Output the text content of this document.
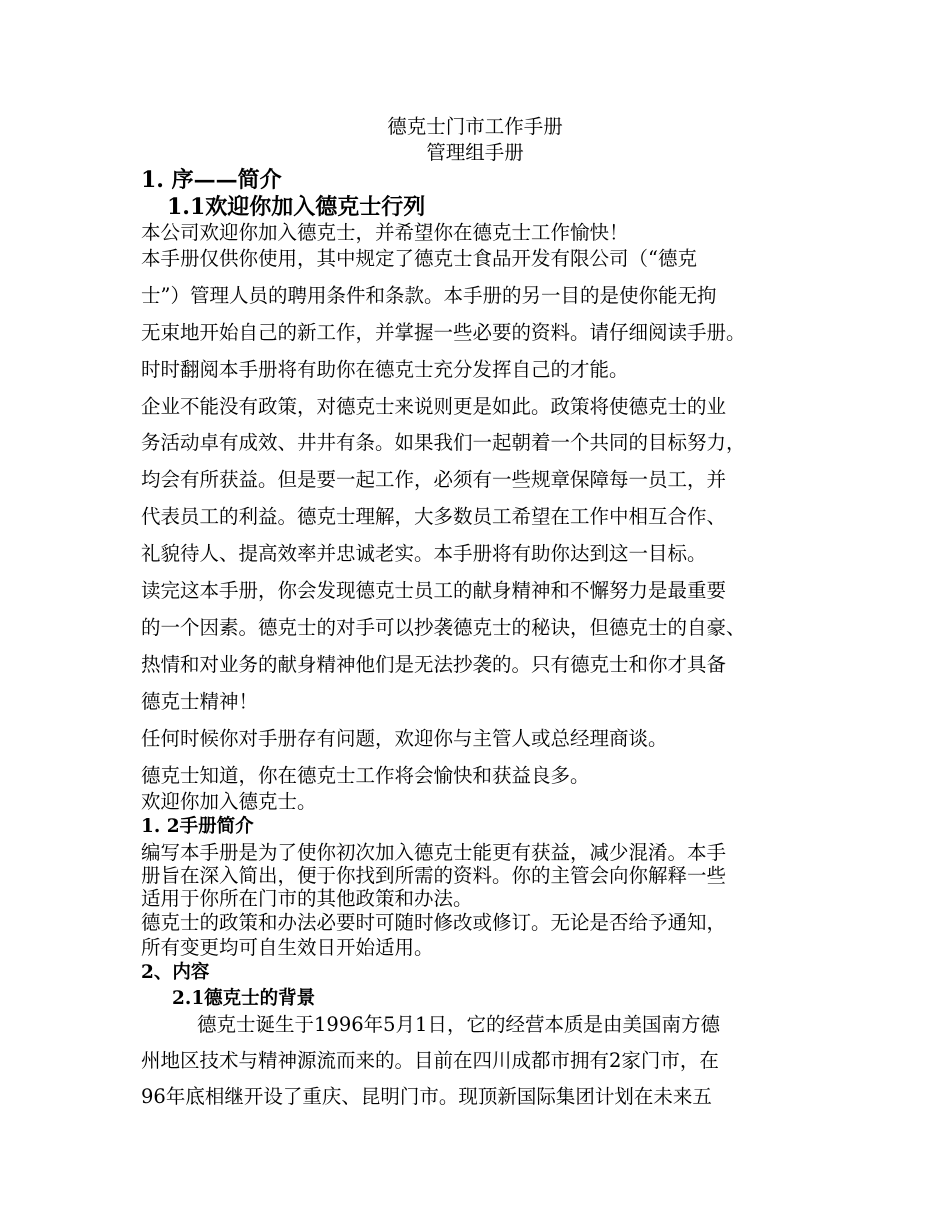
德克士门市工作手册
管理组手册
1. 序——简介
1.1欢迎你加入德克士行列
本公司欢迎你加入德克士，并希望你在德克士工作愉快！
本手册仅供你使用，其中规定了德克士食品开发有限公司（“德克
士”）管理人员的聘用条件和条款。本手册的另一目的是使你能无拘
无束地开始自己的新工作，并掌握一些必要的资料。请仔细阅读手册。
时时翻阅本手册将有助你在德克士充分发挥自己的才能。
企业不能没有政策，对德克士来说则更是如此。政策将使德克士的业
务活动卓有成效、井井有条。如果我们一起朝着一个共同的目标努力，
均会有所获益。但是要一起工作，必须有一些规章保障每一员工，并
代表员工的利益。德克士理解，大多数员工希望在工作中相互合作、
礼貌待人、提高效率并忠诚老实。本手册将有助你达到这一目标。
读完这本手册，你会发现德克士员工的献身精神和不懈努力是最重要
的一个因素。德克士的对手可以抄袭德克士的秘诀，但德克士的自豪、
热情和对业务的献身精神他们是无法抄袭的。只有德克士和你才具备
德克士精神！
任何时候你对手册存有问题，欢迎你与主管人或总经理商谈。
德克士知道，你在德克士工作将会愉快和获益良多。
欢迎你加入德克士。
1. 2手册简介
编写本手册是为了使你初次加入德克士能更有获益，减少混淆。本手
册旨在深入简出，便于你找到所需的资料。你的主管会向你解释一些
适用于你所在门市的其他政策和办法。
德克士的政策和办法必要时可随时修改或修订。无论是否给予通知，
所有变更均可自生效日开始适用。
2、内容
2.1德克士的背景
德克士诞生于1996年5月1日，它的经营本质是由美国南方德
州地区技术与精神源流而来的。目前在四川成都市拥有2家门市，在
96年底相继开设了重庆、昆明门市。现顶新国际集团计划在未来五
